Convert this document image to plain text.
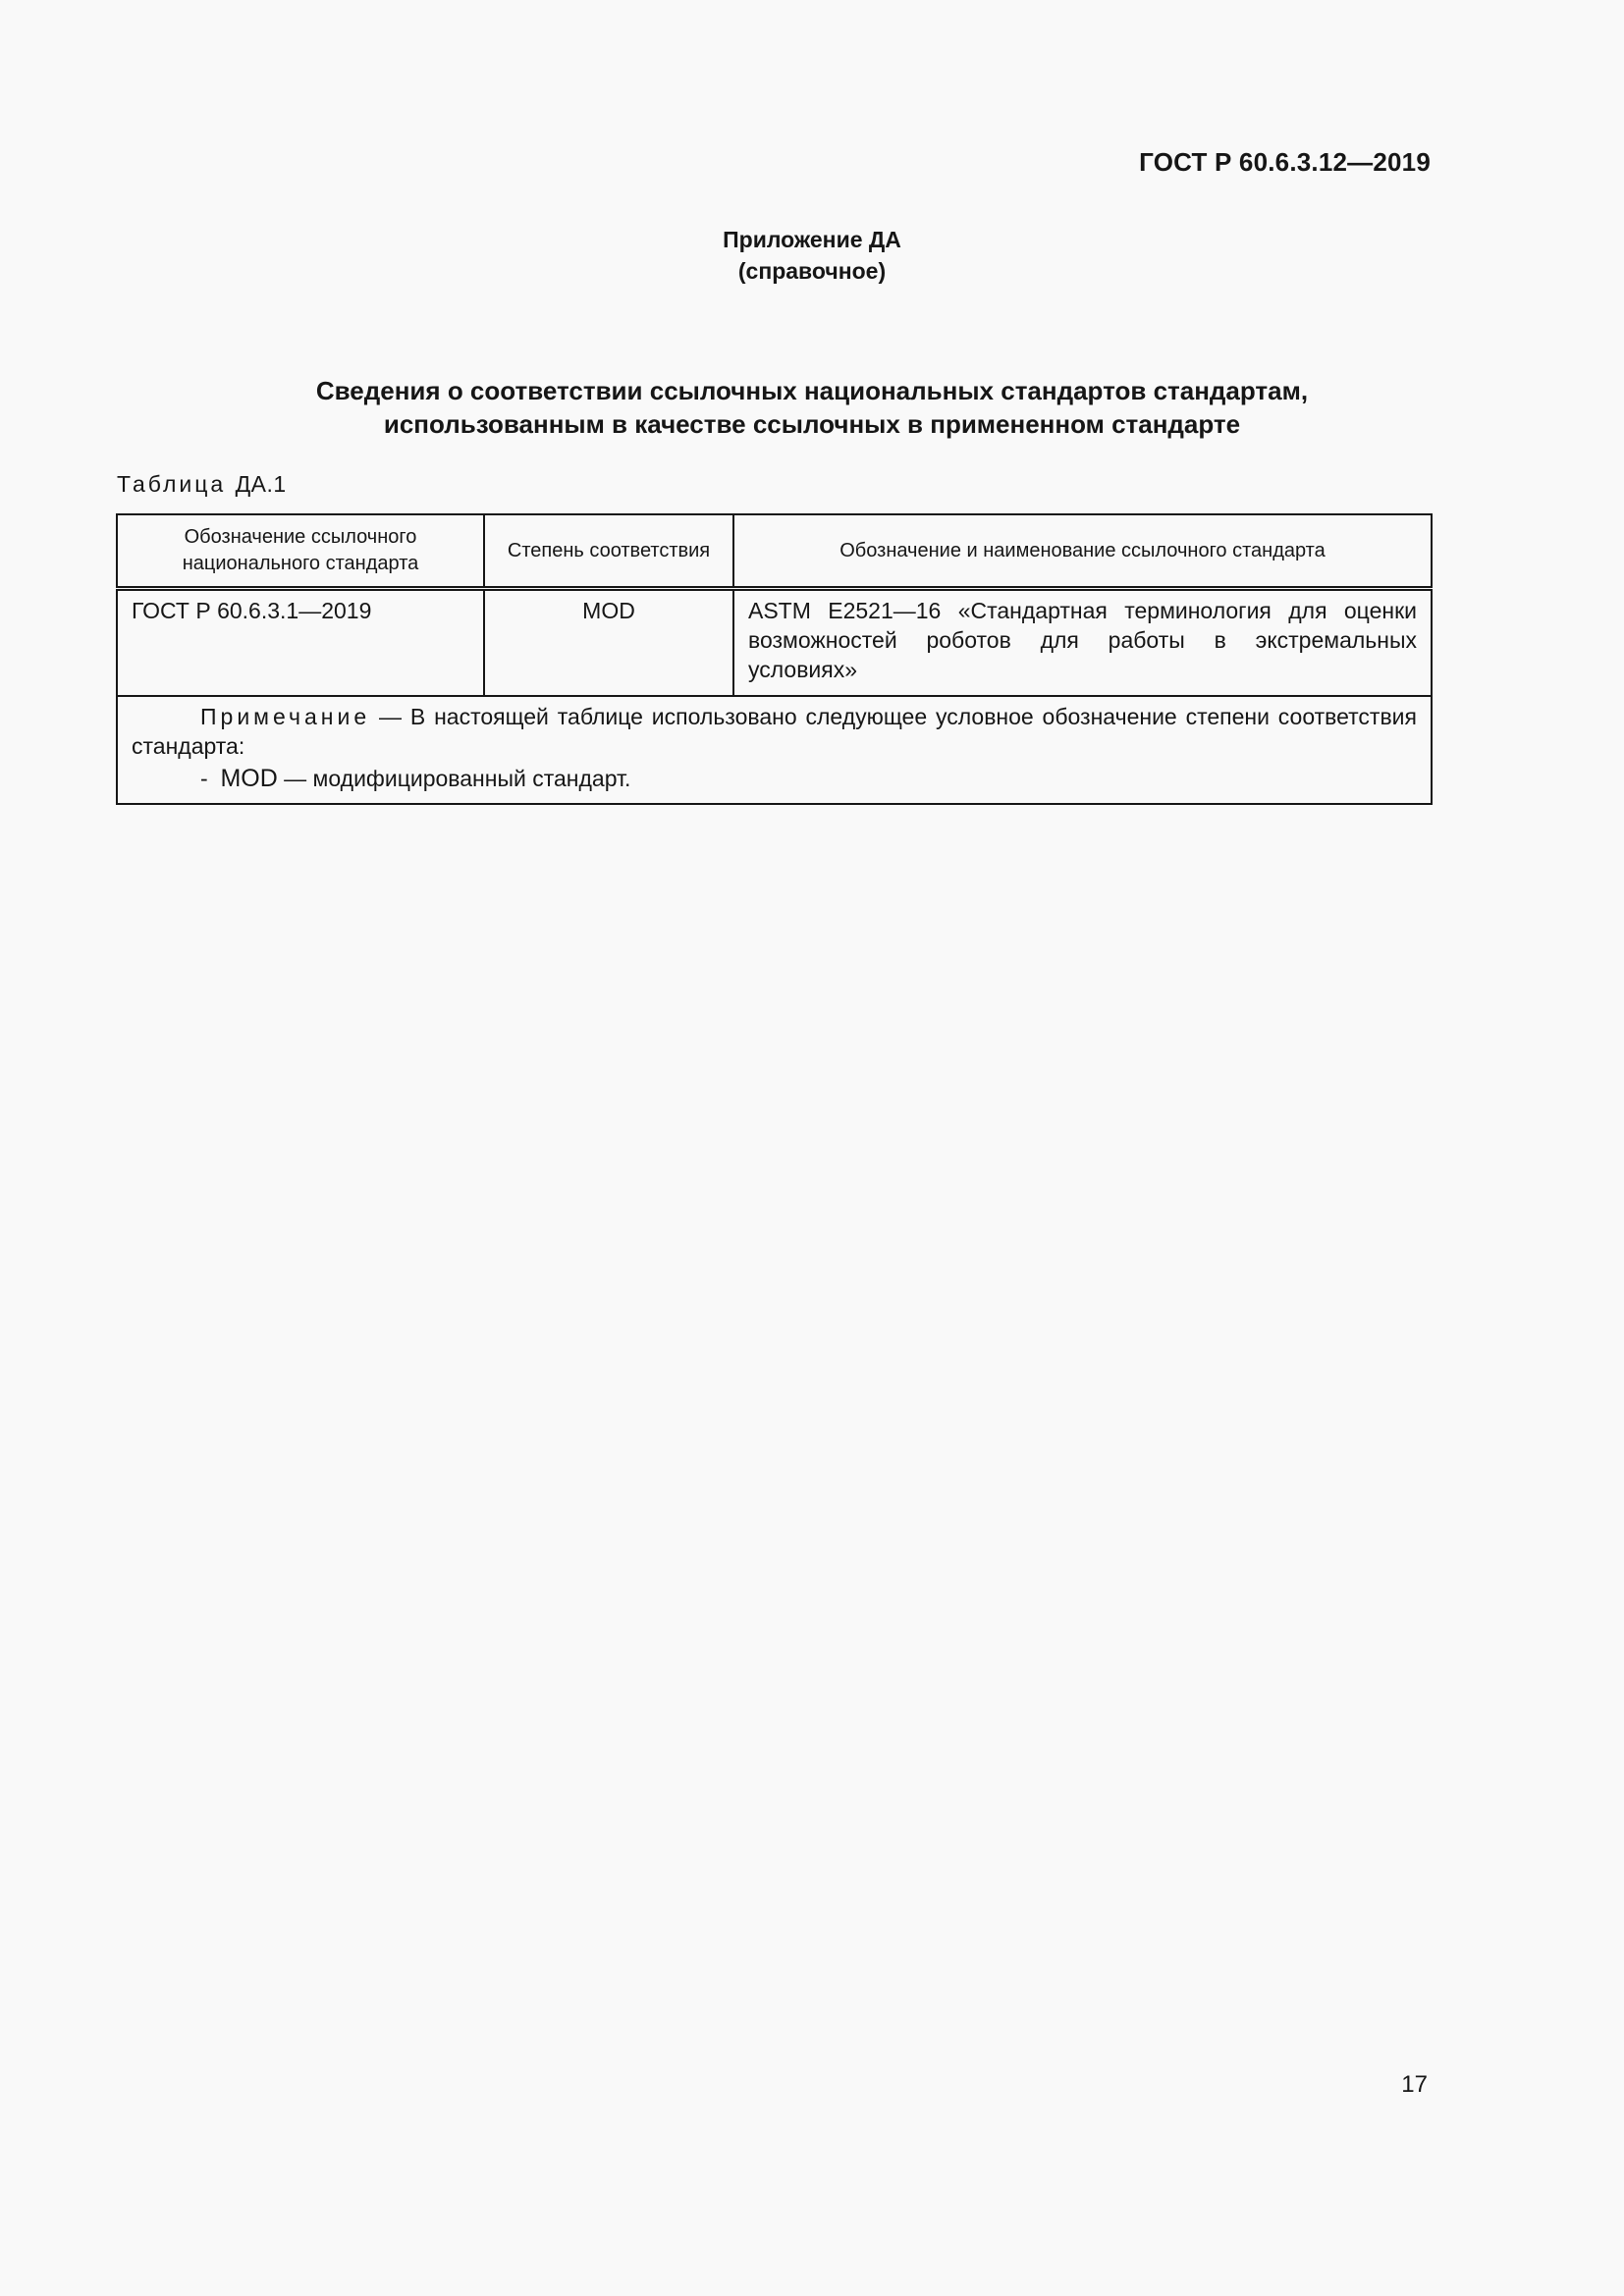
ГОСТ Р 60.6.3.12—2019
Приложение ДА
(справочное)
Сведения о соответствии ссылочных национальных стандартов стандартам,
использованным в качестве ссылочных в примененном стандарте
Таблица ДА.1
Обозначение ссылочного национального стандарта	Степень соответствия	Обозначение и наименование ссылочного стандарта
ГОСТ Р 60.6.3.1—2019	MOD	ASTM E2521—16 «Стандартная терминология для оценки возможностей роботов для работы в экстремальных условиях»

Примечание — В настоящей таблице использовано следующее условное обозначение степени соответствия стандарта:
- MOD — модифицированный стандарт.		
17
